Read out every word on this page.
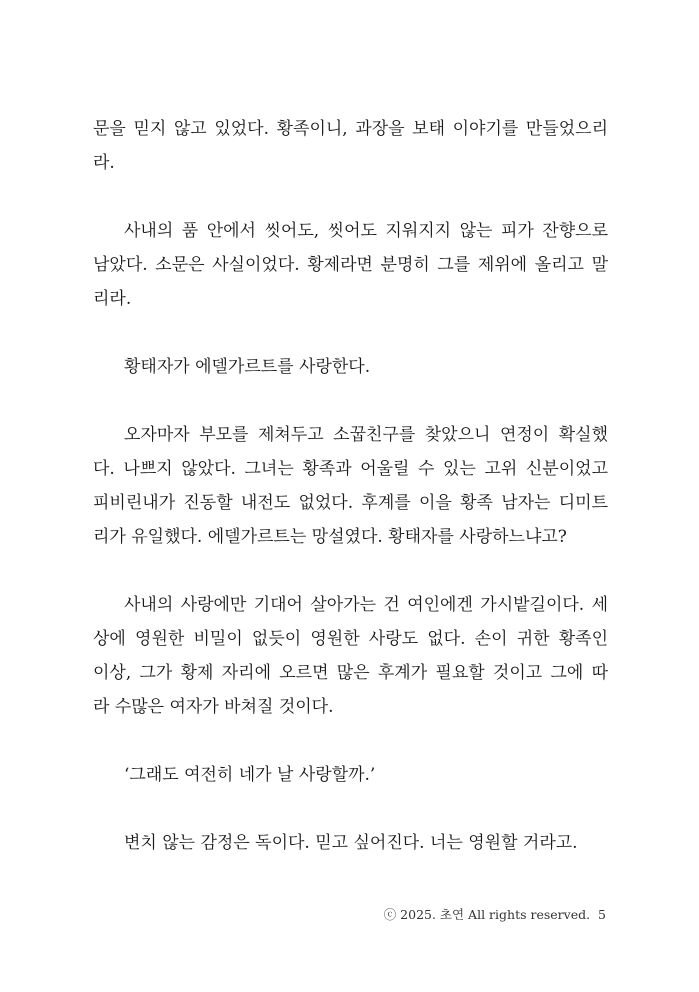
문을 믿지 않고 있었다. 황족이니, 과장을 보태 이야기를 만들었으리
라.
사내의 품 안에서 씻어도, 씻어도 지워지지 않는 피가 잔향으로
남았다. 소문은 사실이었다. 황제라면 분명히 그를 제위에 올리고 말
리라.
황태자가 에델가르트를 사랑한다.
오자마자 부모를 제쳐두고 소꿉친구를 찾았으니 연정이 확실했
다. 나쁘지 않았다. 그녀는 황족과 어울릴 수 있는 고위 신분이었고
피비린내가 진동할 내전도 없었다. 후계를 이을 황족 남자는 디미트
리가 유일했다. 에델가르트는 망설였다. 황태자를 사랑하느냐고?
사내의 사랑에만 기대어 살아가는 건 여인에겐 가시밭길이다. 세
상에 영원한 비밀이 없듯이 영원한 사랑도 없다. 손이 귀한 황족인
이상, 그가 황제 자리에 오르면 많은 후계가 필요할 것이고 그에 따
라 수많은 여자가 바쳐질 것이다.
‘그래도 여전히 네가 날 사랑할까.’
변치 않는 감정은 독이다. 믿고 싶어진다. 너는 영원할 거라고.
ⓒ 2025. 초연 All rights reserved. 5
